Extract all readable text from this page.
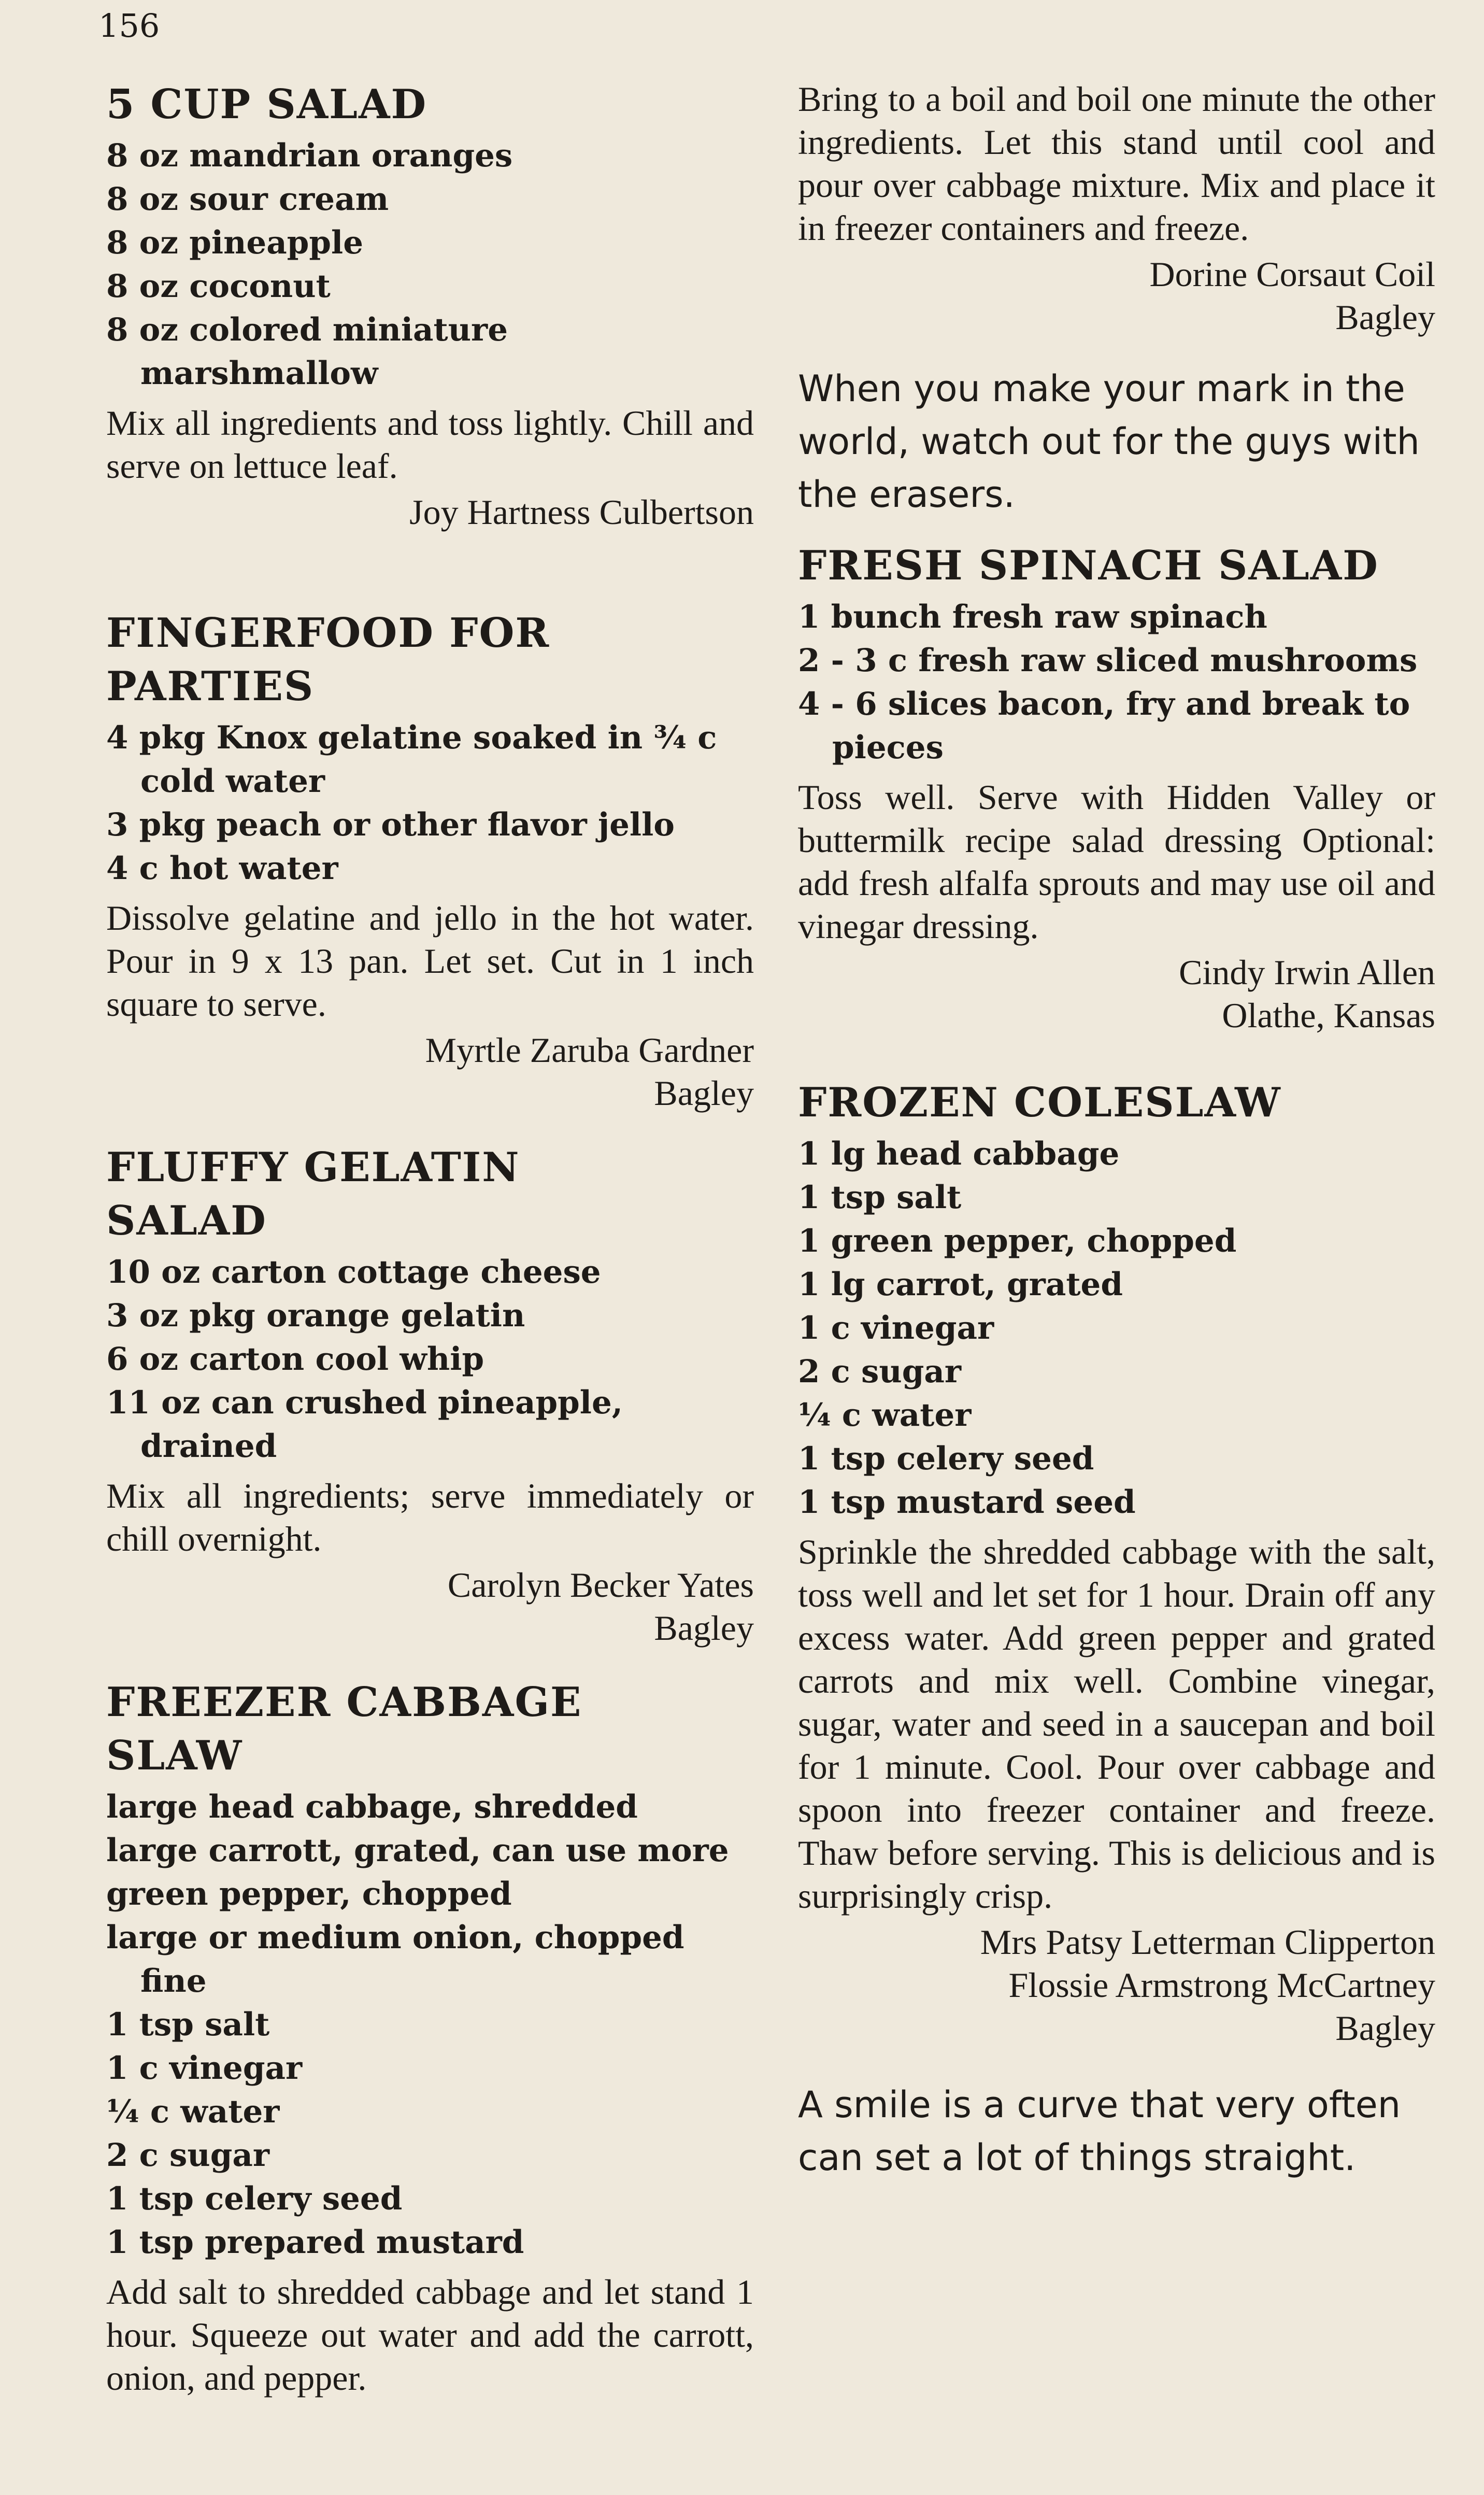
156
5 CUP SALAD
8 oz mandrian oranges
8 oz sour cream
8 oz pineapple
8 oz coconut
8 oz colored miniature marshmallow

Mix all ingredients and toss lightly. Chill and serve on lettuce leaf.

Joy Hartness Culbertson

FINGERFOOD FOR
PARTIES
4 pkg Knox gelatine soaked in ¾ c cold water
3 pkg peach or other flavor jello
4 c hot water

Dissolve gelatine and jello in the hot water. Pour in 9 x 13 pan. Let set. Cut in 1 inch square to serve.

Myrtle Zaruba Gardner
Bagley

FLUFFY GELATIN
SALAD
10 oz carton cottage cheese
3 oz pkg orange gelatin
6 oz carton cool whip
11 oz can crushed pineapple, drained

Mix all ingredients; serve immediately or chill overnight.

Carolyn Becker Yates
Bagley

FREEZER CABBAGE
SLAW
large head cabbage, shredded
large carrott, grated, can use more
green pepper, chopped
large or medium onion, chopped fine
1 tsp salt
1 c vinegar
¼ c water
2 c sugar
1 tsp celery seed
1 tsp prepared mustard

Add salt to shredded cabbage and let stand 1 hour. Squeeze out water and add the carrott, onion, and pepper.

Bring to a boil and boil one minute the other ingredients. Let this stand until cool and pour over cabbage mixture. Mix and place it in freezer containers and freeze.

Dorine Corsaut Coil
Bagley

When you make your mark in the world, watch out for the guys with the erasers.

FRESH SPINACH SALAD
1 bunch fresh raw spinach
2 - 3 c fresh raw sliced mushrooms
4 - 6 slices bacon, fry and break to pieces

Toss well. Serve with Hidden Valley or buttermilk recipe salad dressing Optional: add fresh alfalfa sprouts and may use oil and vinegar dressing.

Cindy Irwin Allen
Olathe, Kansas

FROZEN COLESLAW
1 lg head cabbage
1 tsp salt
1 green pepper, chopped
1 lg carrot, grated
1 c vinegar
2 c sugar
¼ c water
1 tsp celery seed
1 tsp mustard seed

Sprinkle the shredded cabbage with the salt, toss well and let set for 1 hour. Drain off any excess water. Add green pepper and grated carrots and mix well. Combine vinegar, sugar, water and seed in a saucepan and boil for 1 minute. Cool. Pour over cabbage and spoon into freezer container and freeze. Thaw before serving. This is delicious and is surprisingly crisp.

Mrs Patsy Letterman Clipperton
Flossie Armstrong McCartney
Bagley

A smile is a curve that very often can set a lot of things straight.
